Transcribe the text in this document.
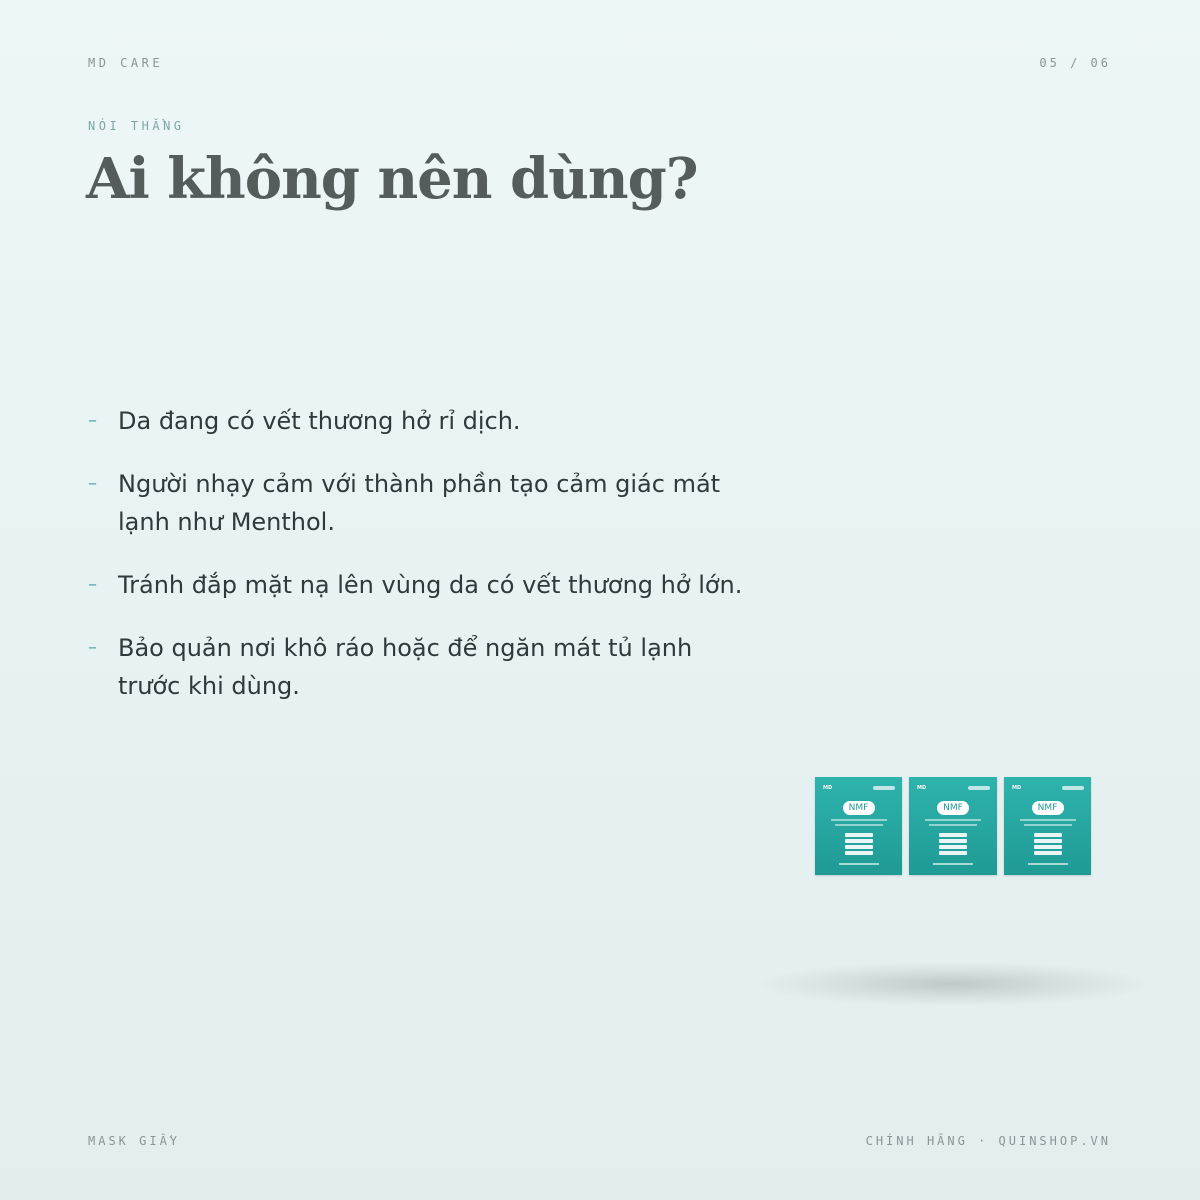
MD CARE	05 / 06
NÓI THẲNG
Ai không nên dùng?
– Da đang có vết thương hở rỉ dịch.
– Người nhạy cảm với thành phần tạo cảm giác mát lạnh như Menthol.
– Tránh đắp mặt nạ lên vùng da có vết thương hở lớn.
– Bảo quản nơi khô ráo hoặc để ngăn mát tủ lạnh trước khi dùng.
MD
NMF
MD
NMF
MD
NMF
MASK GIẤY	CHÍNH HÃNG · QUINSHOP.VN
